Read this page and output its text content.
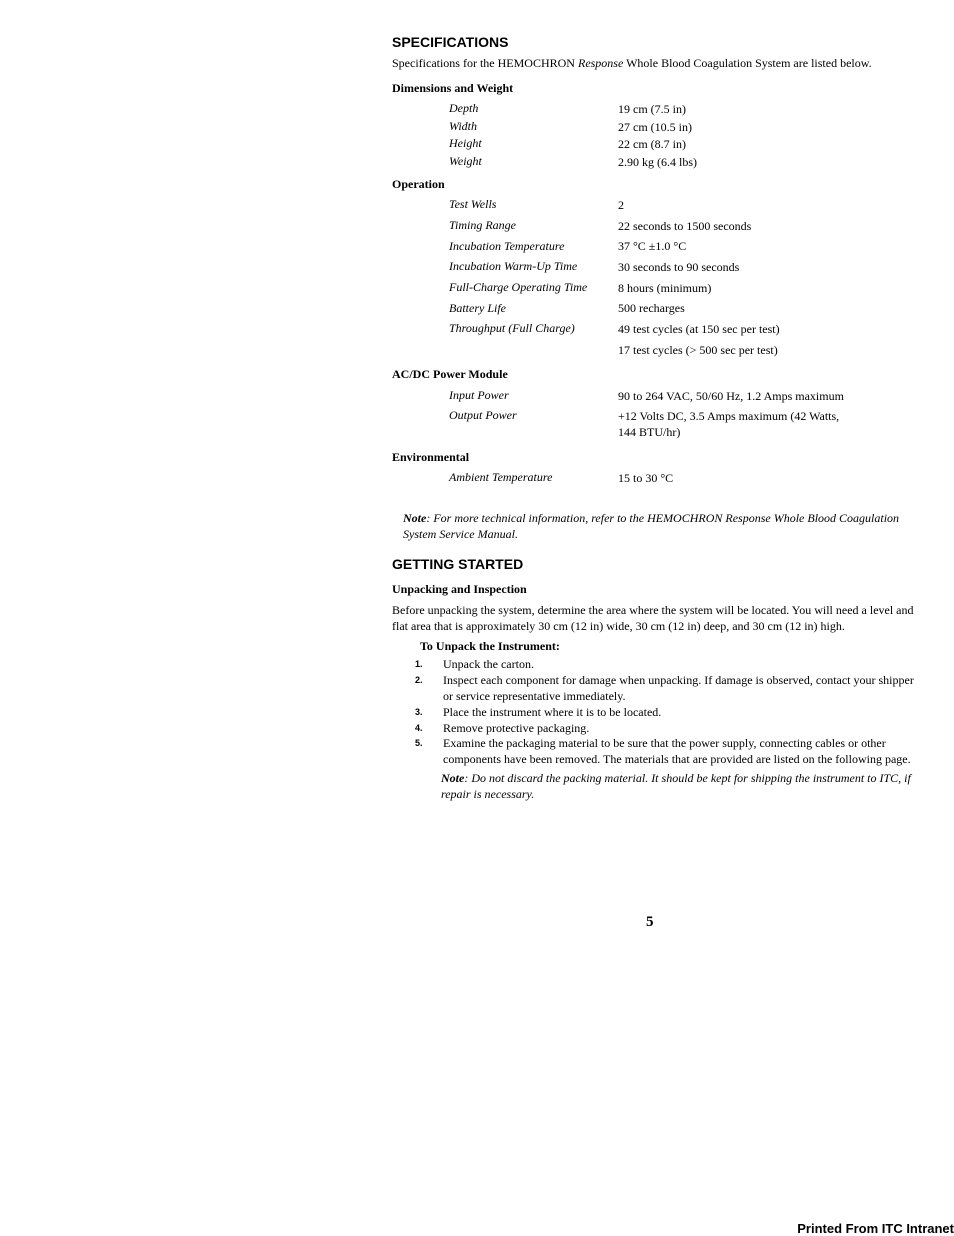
SPECIFICATIONS

Specifications for the HEMOCHRON Response Whole Blood Coagulation System are listed below.

Dimensions and Weight
Depth	19 cm (7.5 in)
Width	27 cm (10.5 in)
Height	22 cm (8.7 in)
Weight	2.90 kg (6.4 lbs)
Operation
Test Wells	2
Timing Range	22 seconds to 1500 seconds
Incubation Temperature	37 °C ±1.0 °C
Incubation Warm-Up Time	30 seconds to 90 seconds
Full-Charge Operating Time	8 hours (minimum)
Battery Life	500 recharges
Throughput (Full Charge)	49 test cycles (at 150 sec per test)
17 test cycles (> 500 sec per test)
AC/DC Power Module
Input Power	90 to 264 VAC, 50/60 Hz, 1.2 Amps maximum
Output Power	+12 Volts DC, 3.5 Amps maximum (42 Watts, 144 BTU/hr)
Environmental
Ambient Temperature	15 to 30 °C
Note: For more technical information, refer to the HEMOCHRON Response Whole Blood Coagulation System Service Manual.
GETTING STARTED
Unpacking and Inspection

Before unpacking the system, determine the area where the system will be located. You will need a level and flat area that is approximately 30 cm (12 in) wide, 30 cm (12 in) deep, and 30 cm (12 in) high.

To Unpack the Instrument:
1. Unpack the carton.
2. Inspect each component for damage when unpacking. If damage is observed, contact your shipper or service representative immediately.
3. Place the instrument where it is to be located.
4. Remove protective packaging.
5. Examine the packaging material to be sure that the power supply, connecting cables or other components have been removed. The materials that are provided are listed on the following page.
Note: Do not discard the packing material. It should be kept for shipping the instrument to ITC, if repair is necessary.
5
Printed From ITC Intranet
